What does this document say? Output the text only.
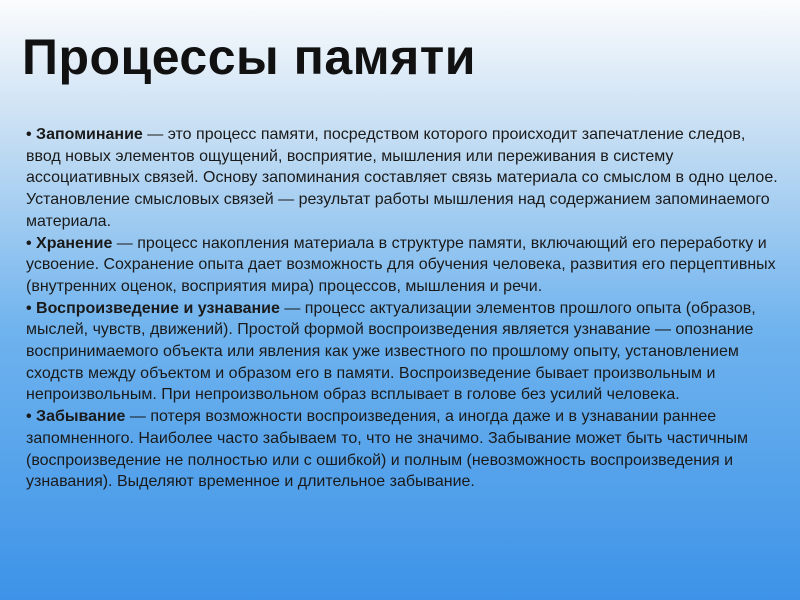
Процессы памяти

• Запоминание — это процесс памяти, посредством которого происходит запечатление следов, ввод новых элементов ощущений, восприятие, мышления или переживания в систему ассоциативных связей. Основу запоминания составляет связь материала со смыслом в одно целое. Установление смысловых связей — результат работы мышления над содержанием запоминаемого материала.

• Хранение — процесс накопления материала в структуре памяти, включающий его переработку и усвоение. Сохранение опыта дает возможность для обучения человека, развития его перцептивных (внутренних оценок, восприятия мира) процессов, мышления и речи.

• Воспроизведение и узнавание — процесс актуализации элементов прошлого опыта (образов, мыслей, чувств, движений). Простой формой воспроизведения является узнавание — опознание воспринимаемого объекта или явления как уже известного по прошлому опыту, установлением сходств между объектом и образом его в памяти. Воспроизведение бывает произвольным и непроизвольным. При непроизвольном образ всплывает в голове без усилий человека.

• Забывание — потеря возможности воспроизведения, а иногда даже и в узнавании раннее запомненного. Наиболее часто забываем то, что не значимо. Забывание может быть частичным (воспроизведение не полностью или с ошибкой) и полным (невозможность воспроизведения и узнавания). Выделяют временное и длительное забывание.
